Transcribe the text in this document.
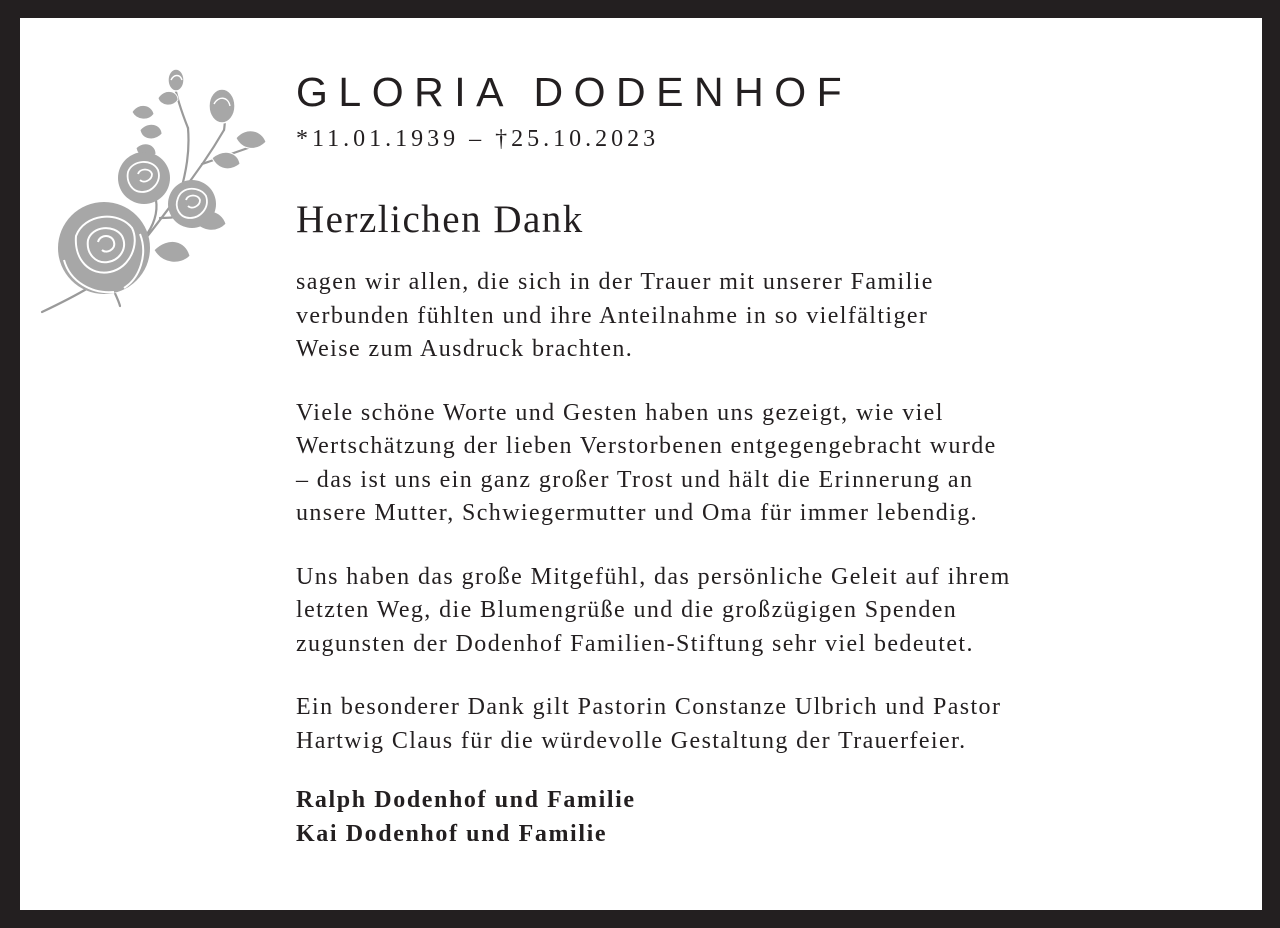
GLORIA DODENHOF
*11.01.1939 – †25.10.2023
Herzlichen Dank

sagen wir allen, die sich in der Trauer mit unserer Familie
verbunden fühlten und ihre Anteilnahme in so vielfältiger
Weise zum Ausdruck brachten.

Viele schöne Worte und Gesten haben uns gezeigt, wie viel
Wertschätzung der lieben Verstorbenen entgegengebracht wurde
– das ist uns ein ganz großer Trost und hält die Erinnerung an
unsere Mutter, Schwiegermutter und Oma für immer lebendig.

Uns haben das große Mitgefühl, das persönliche Geleit auf ihrem
letzten Weg, die Blumengrüße und die großzügigen Spenden
zugunsten der Dodenhof Familien-Stiftung sehr viel bedeutet.

Ein besonderer Dank gilt Pastorin Constanze Ulbrich und Pastor
Hartwig Claus für die würdevolle Gestaltung der Trauerfeier.

Ralph Dodenhof und Familie
Kai Dodenhof und Familie
